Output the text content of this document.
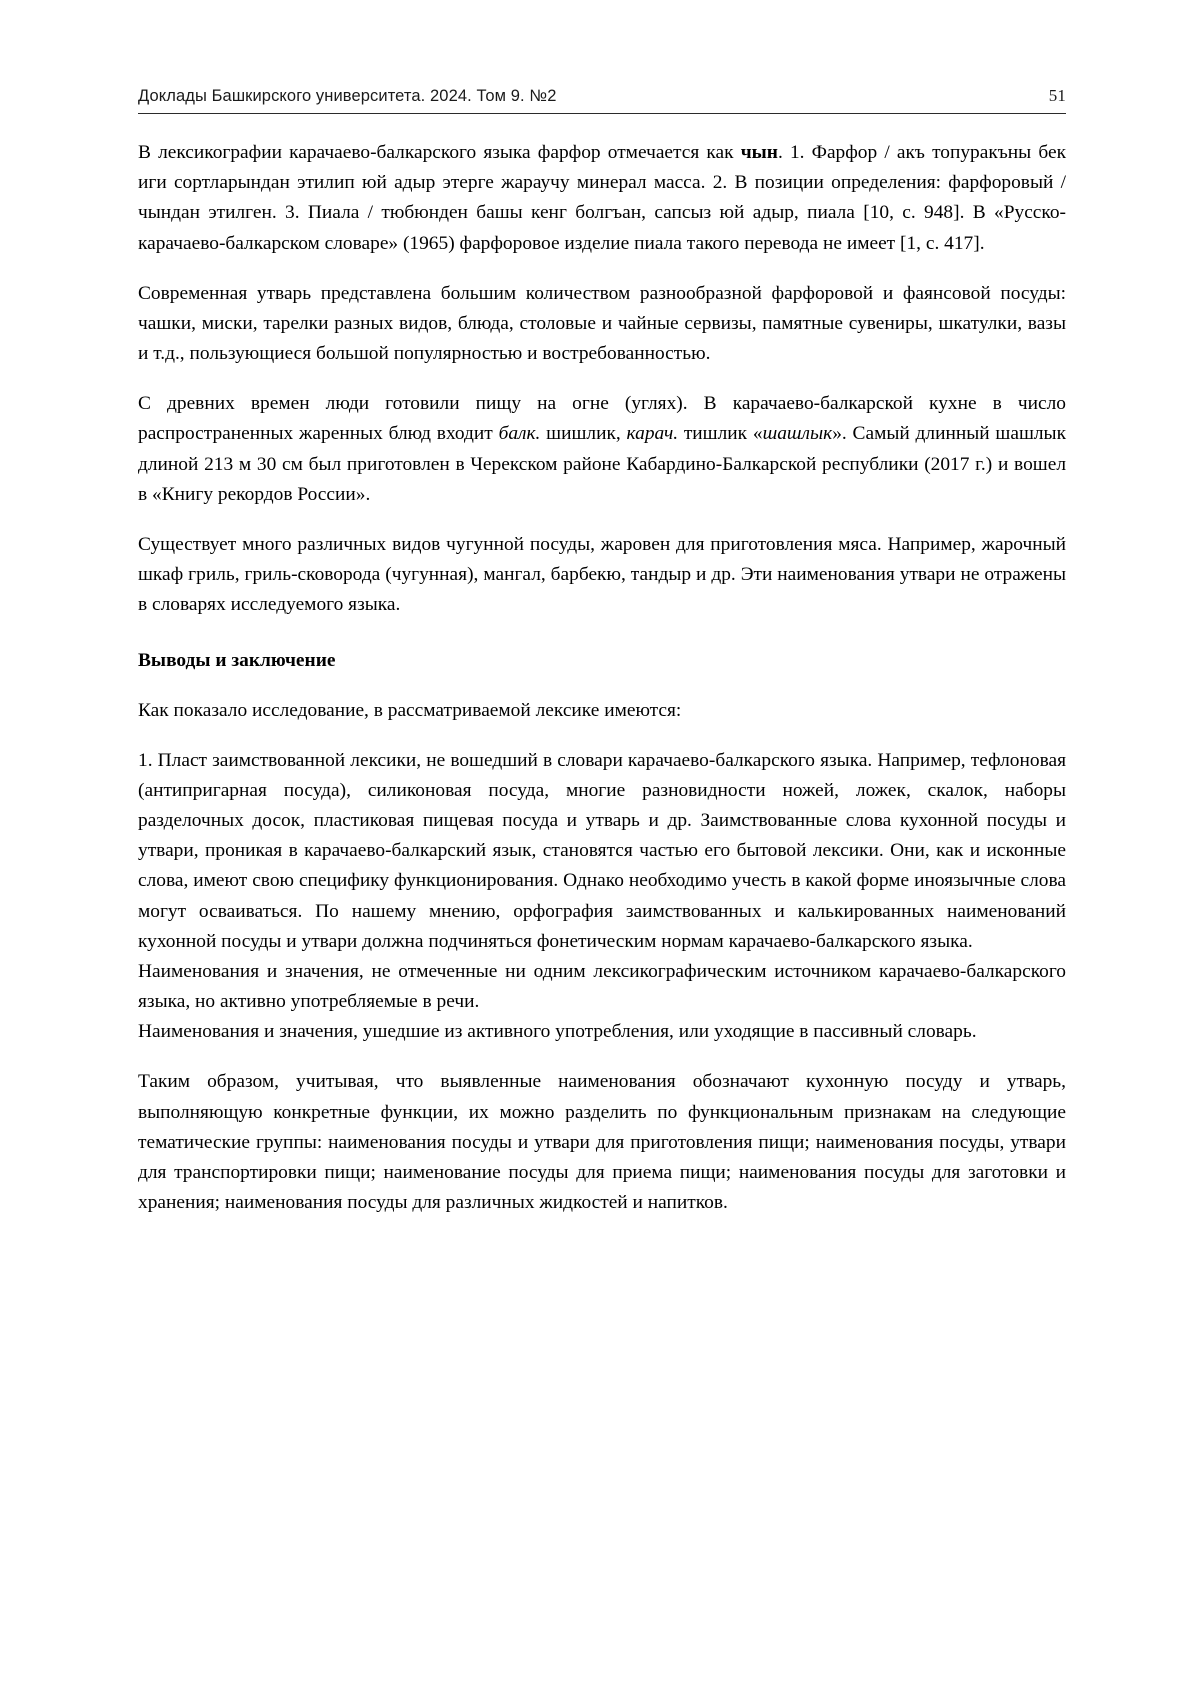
Доклады Башкирского университета. 2024. Том 9. №2	51

В лексикографии карачаево-балкарского языка фарфор отмечается как чын. 1. Фарфор / акъ топуракъны бек иги сортларындан этилип юй адыр этерге жараучу минерал масса. 2. В позиции определения: фарфоровый / чындан этилген. 3. Пиала / тюбюнден башы кенг болгъан, сапсыз юй адыр, пиала [10, с. 948]. В «Русско-карачаево-балкарском словаре» (1965) фарфоровое изделие пиала такого перевода не имеет [1, с. 417].

Современная утварь представлена большим количеством разнообразной фарфоровой и фаянсовой посуды: чашки, миски, тарелки разных видов, блюда, столовые и чайные сервизы, памятные сувениры, шкатулки, вазы и т.д., пользующиеся большой популярностью и востребованностью.

С древних времен люди готовили пищу на огне (углях). В карачаево-балкарской кухне в число распространенных жаренных блюд входит балк. шишлик, карач. тишлик «шашлык». Самый длинный шашлык длиной 213 м 30 см был приготовлен в Черекском районе Кабардино-Балкарской республики (2017 г.) и вошел в «Книгу рекордов России».

Существует много различных видов чугунной посуды, жаровен для приготовления мяса. Например, жарочный шкаф гриль, гриль-сковорода (чугунная), мангал, барбекю, тандыр и др. Эти наименования утвари не отражены в словарях исследуемого языка.

Выводы и заключение

Как показало исследование, в рассматриваемой лексике имеются:

1. Пласт заимствованной лексики, не вошедший в словари карачаево-балкарского языка. Например, тефлоновая (антипригарная посуда), силиконовая посуда, многие разновидности ножей, ложек, скалок, наборы разделочных досок, пластиковая пищевая посуда и утварь и др. Заимствованные слова кухонной посуды и утвари, проникая в карачаево-балкарский язык, становятся частью его бытовой лексики. Они, как и исконные слова, имеют свою специфику функционирования. Однако необходимо учесть в какой форме иноязычные слова могут осваиваться. По нашему мнению, орфография заимствованных и калькированных наименований кухонной посуды и утвари должна подчиняться фонетическим нормам карачаево-балкарского языка.

Наименования и значения, не отмеченные ни одним лексикографическим источником карачаево-балкарского языка, но активно употребляемые в речи.

Наименования и значения, ушедшие из активного употребления, или уходящие в пассивный словарь.

Таким образом, учитывая, что выявленные наименования обозначают кухонную посуду и утварь, выполняющую конкретные функции, их можно разделить по функциональным признакам на следующие тематические группы: наименования посуды и утвари для приготовления пищи; наименования посуды, утвари для транспортировки пищи; наименование посуды для приема пищи; наименования посуды для заготовки и хранения; наименования посуды для различных жидкостей и напитков.
